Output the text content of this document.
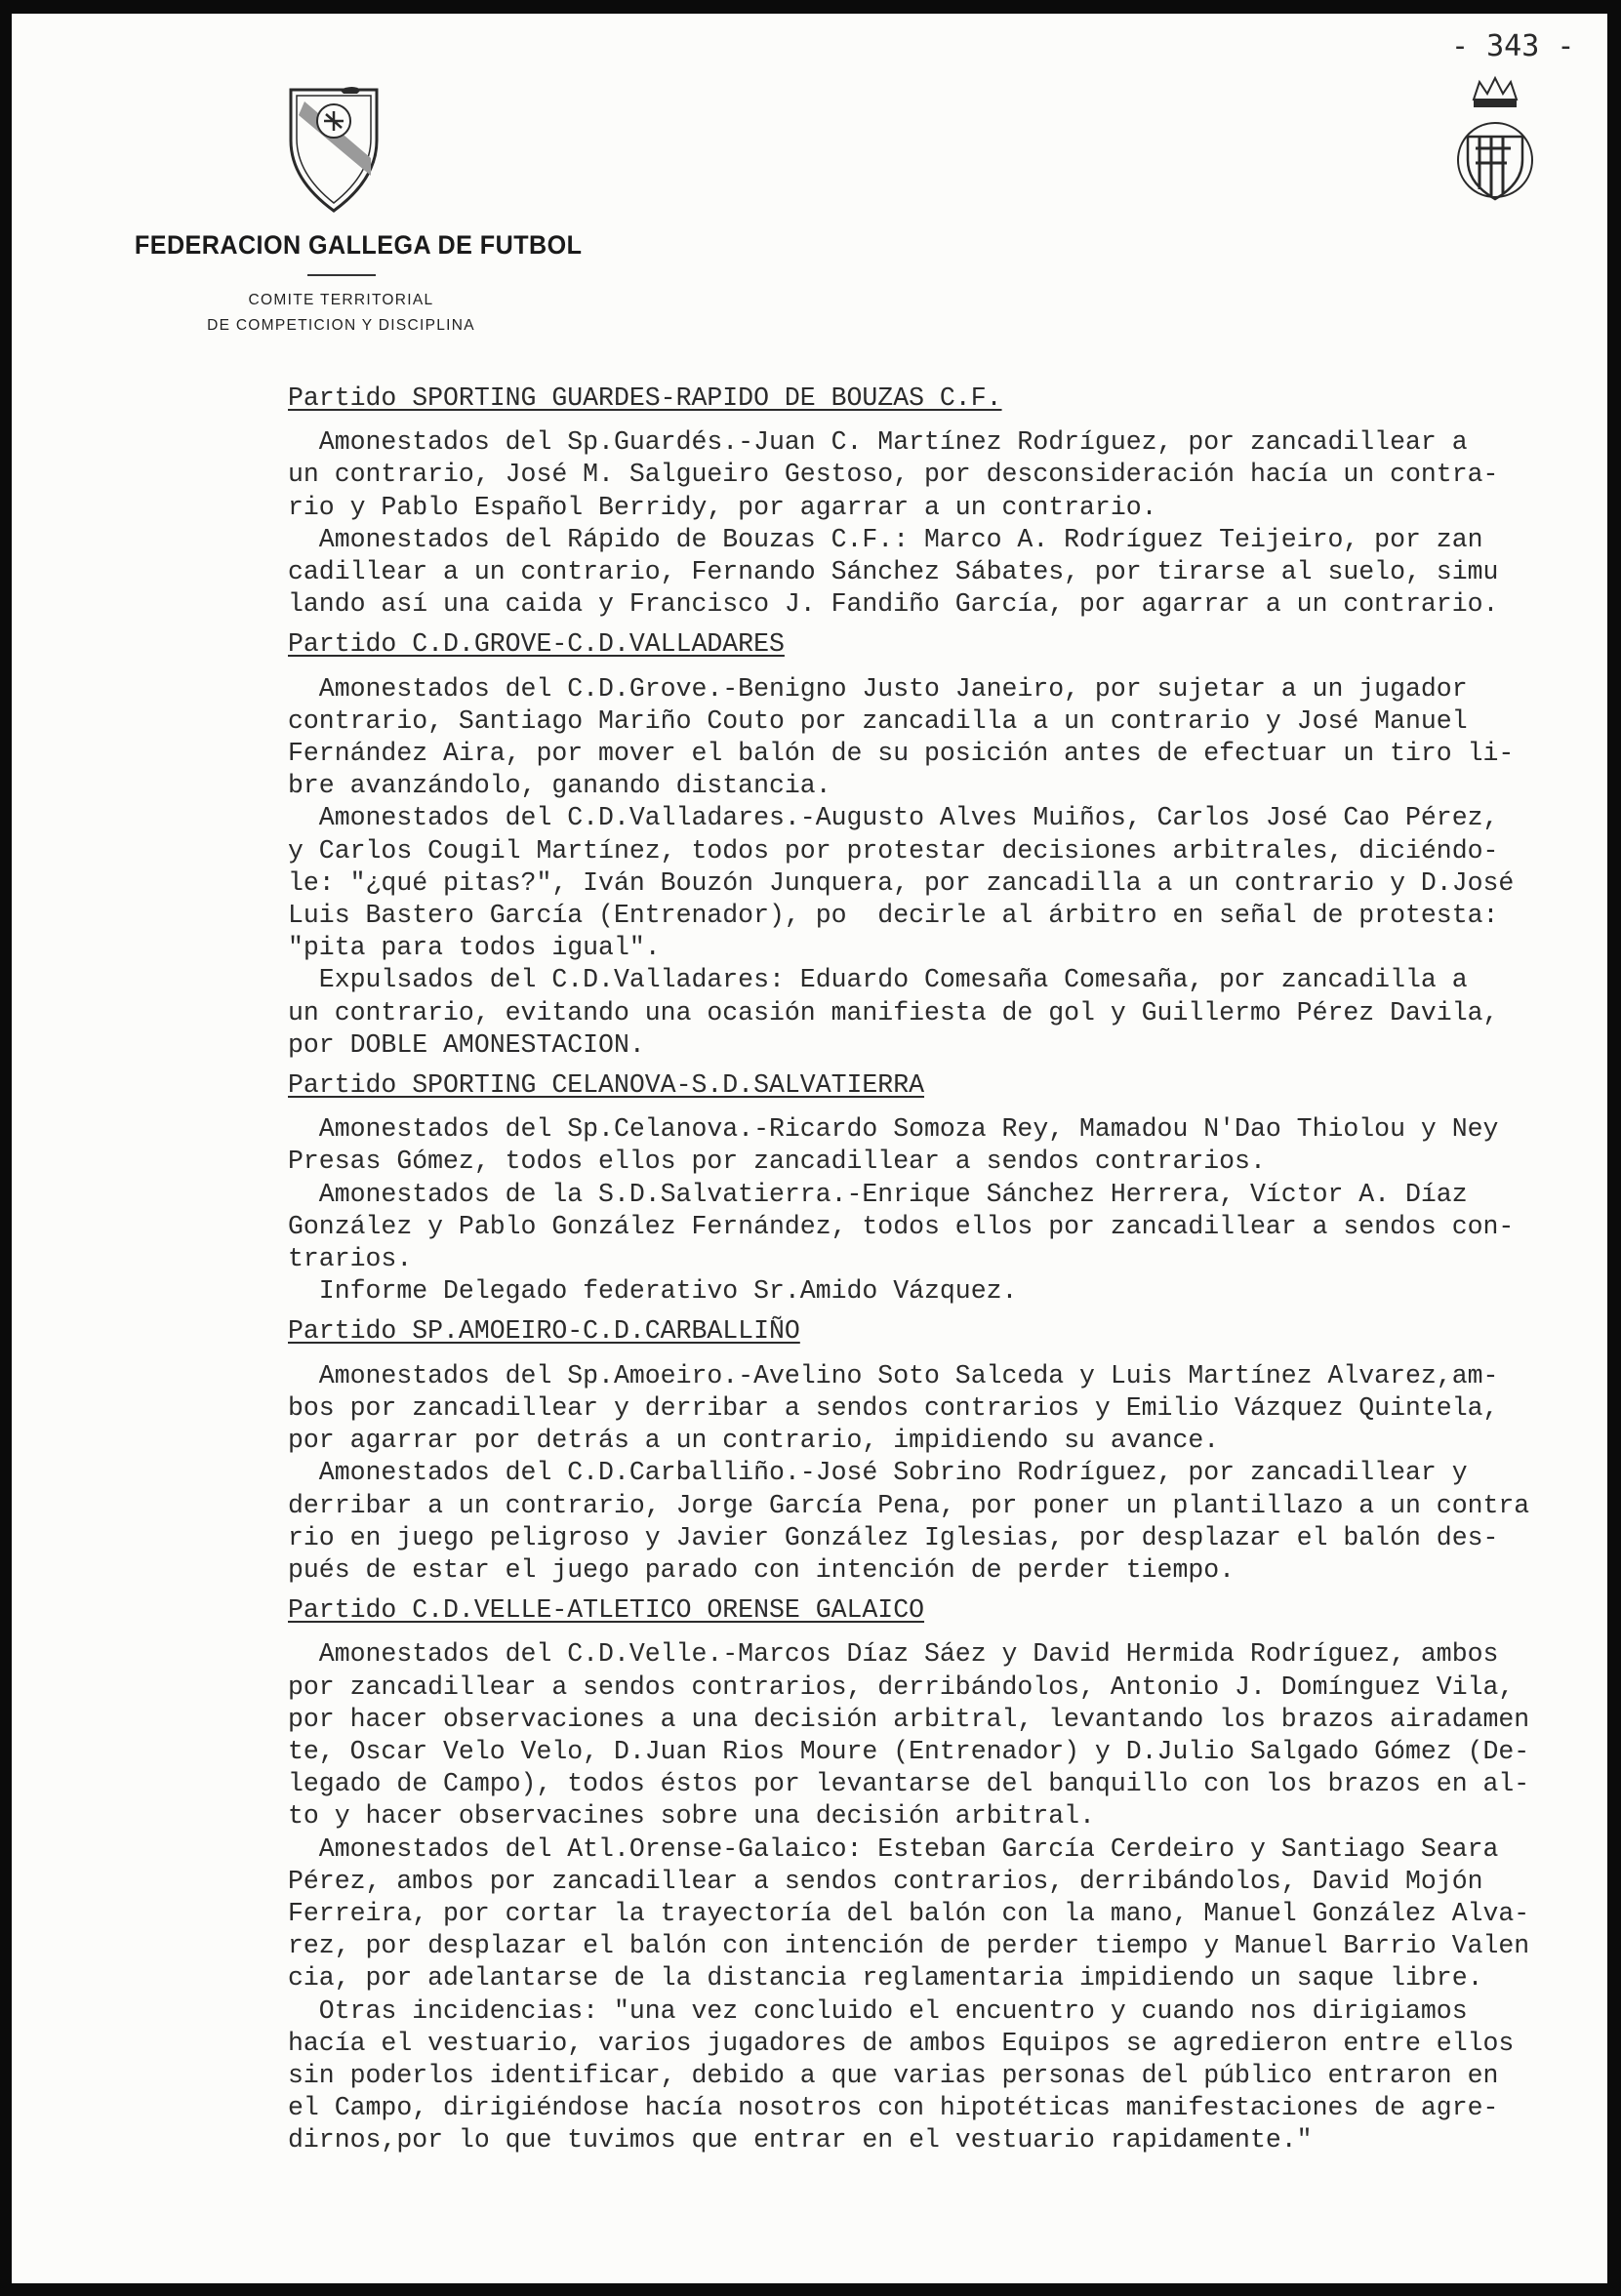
- 343 -
FEDERACION GALLEGA DE FUTBOL
COMITE TERRITORIAL
DE COMPETICION Y DISCIPLINA
Partido SPORTING GUARDES-RAPIDO DE BOUZAS C.F.

Amonestados del Sp.Guardés.-Juan C. Martínez Rodríguez, por zancadillear a

un contrario, José M. Salgueiro Gestoso, por desconsideración hacía un contra-

rio y Pablo Español Berridy, por agarrar a un contrario.

Amonestados del Rápido de Bouzas C.F.: Marco A. Rodríguez Teijeiro, por zan

cadillear a un contrario, Fernando Sánchez Sábates, por tirarse al suelo, simu

lando así una caida y Francisco J. Fandiño García, por agarrar a un contrario.

Partido C.D.GROVE-C.D.VALLADARES

Amonestados del C.D.Grove.-Benigno Justo Janeiro, por sujetar a un jugador

contrario, Santiago Mariño Couto por zancadilla a un contrario y José Manuel

Fernández Aira, por mover el balón de su posición antes de efectuar un tiro li-

bre avanzándolo, ganando distancia.

Amonestados del C.D.Valladares.-Augusto Alves Muiños, Carlos José Cao Pérez,

y Carlos Cougil Martínez, todos por protestar decisiones arbitrales, diciéndo-

le: "¿qué pitas?", Iván Bouzón Junquera, por zancadilla a un contrario y D.José

Luis Bastero García (Entrenador), po  decirle al árbitro en señal de protesta:

"pita para todos igual".

Expulsados del C.D.Valladares: Eduardo Comesaña Comesaña, por zancadilla a

un contrario, evitando una ocasión manifiesta de gol y Guillermo Pérez Davila,

por DOBLE AMONESTACION.

Partido SPORTING CELANOVA-S.D.SALVATIERRA

Amonestados del Sp.Celanova.-Ricardo Somoza Rey, Mamadou N'Dao Thiolou y Ney

Presas Gómez, todos ellos por zancadillear a sendos contrarios.

Amonestados de la S.D.Salvatierra.-Enrique Sánchez Herrera, Víctor A. Díaz

González y Pablo González Fernández, todos ellos por zancadillear a sendos con-

trarios.

Informe Delegado federativo Sr.Amido Vázquez.

Partido SP.AMOEIRO-C.D.CARBALLIÑO

Amonestados del Sp.Amoeiro.-Avelino Soto Salceda y Luis Martínez Alvarez,am-

bos por zancadillear y derribar a sendos contrarios y Emilio Vázquez Quintela,

por agarrar por detrás a un contrario, impidiendo su avance.

Amonestados del C.D.Carballiño.-José Sobrino Rodríguez, por zancadillear y

derribar a un contrario, Jorge García Pena, por poner un plantillazo a un contra

rio en juego peligroso y Javier González Iglesias, por desplazar el balón des-

pués de estar el juego parado con intención de perder tiempo.

Partido C.D.VELLE-ATLETICO ORENSE GALAICO

Amonestados del C.D.Velle.-Marcos Díaz Sáez y David Hermida Rodríguez, ambos

por zancadillear a sendos contrarios, derribándolos, Antonio J. Domínguez Vila,

por hacer observaciones a una decisión arbitral, levantando los brazos airadamen

te, Oscar Velo Velo, D.Juan Rios Moure (Entrenador) y D.Julio Salgado Gómez (De-

legado de Campo), todos éstos por levantarse del banquillo con los brazos en al-

to y hacer observacines sobre una decisión arbitral.

Amonestados del Atl.Orense-Galaico: Esteban García Cerdeiro y Santiago Seara

Pérez, ambos por zancadillear a sendos contrarios, derribándolos, David Mojón

Ferreira, por cortar la trayectoría del balón con la mano, Manuel González Alva-

rez, por desplazar el balón con intención de perder tiempo y Manuel Barrio Valen

cia, por adelantarse de la distancia reglamentaria impidiendo un saque libre.

Otras incidencias: "una vez concluido el encuentro y cuando nos dirigiamos

hacía el vestuario, varios jugadores de ambos Equipos se agredieron entre ellos

sin poderlos identificar, debido a que varias personas del público entraron en

el Campo, dirigiéndose hacía nosotros con hipotéticas manifestaciones de agre-

dirnos,por lo que tuvimos que entrar en el vestuario rapidamente."
